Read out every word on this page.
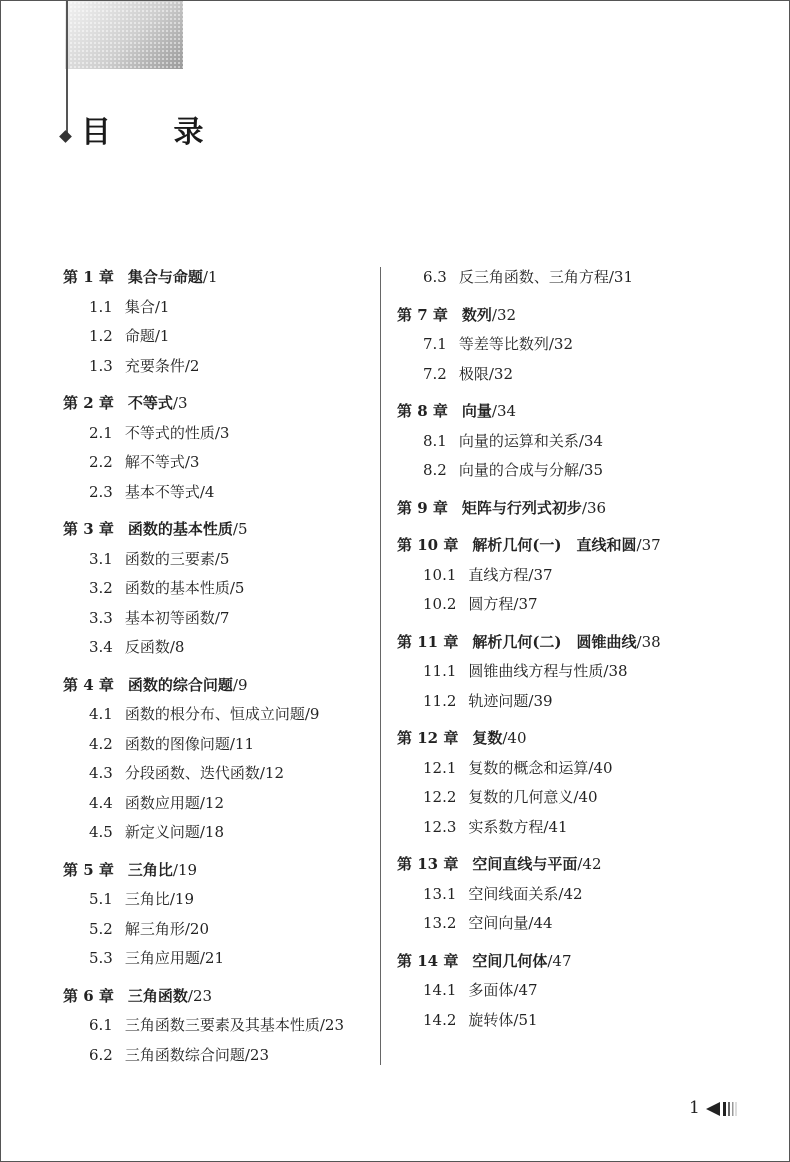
目 录
第 1 章 集合与命题/1
1.1 集合/1
1.2 命题/1
1.3 充要条件/2
第 2 章 不等式/3
2.1 不等式的性质/3
2.2 解不等式/3
2.3 基本不等式/4
第 3 章 函数的基本性质/5
3.1 函数的三要素/5
3.2 函数的基本性质/5
3.3 基本初等函数/7
3.4 反函数/8
第 4 章 函数的综合问题/9
4.1 函数的根分布、恒成立问题/9
4.2 函数的图像问题/11
4.3 分段函数、迭代函数/12
4.4 函数应用题/12
4.5 新定义问题/18
第 5 章 三角比/19
5.1 三角比/19
5.2 解三角形/20
5.3 三角应用题/21
第 6 章 三角函数/23
6.1 三角函数三要素及其基本性质/23
6.2 三角函数综合问题/23
6.3 反三角函数、三角方程/31
第 7 章 数列/32
7.1 等差等比数列/32
7.2 极限/32
第 8 章 向量/34
8.1 向量的运算和关系/34
8.2 向量的合成与分解/35
第 9 章 矩阵与行列式初步/36
第 10 章 解析几何(一)　直线和圆/37
10.1 直线方程/37
10.2 圆方程/37
第 11 章 解析几何(二)　圆锥曲线/38
11.1 圆锥曲线方程与性质/38
11.2 轨迹问题/39
第 12 章 复数/40
12.1 复数的概念和运算/40
12.2 复数的几何意义/40
12.3 实系数方程/41
第 13 章 空间直线与平面/42
13.1 空间线面关系/42
13.2 空间向量/44
第 14 章 空间几何体/47
14.1 多面体/47
14.2 旋转体/51
1
